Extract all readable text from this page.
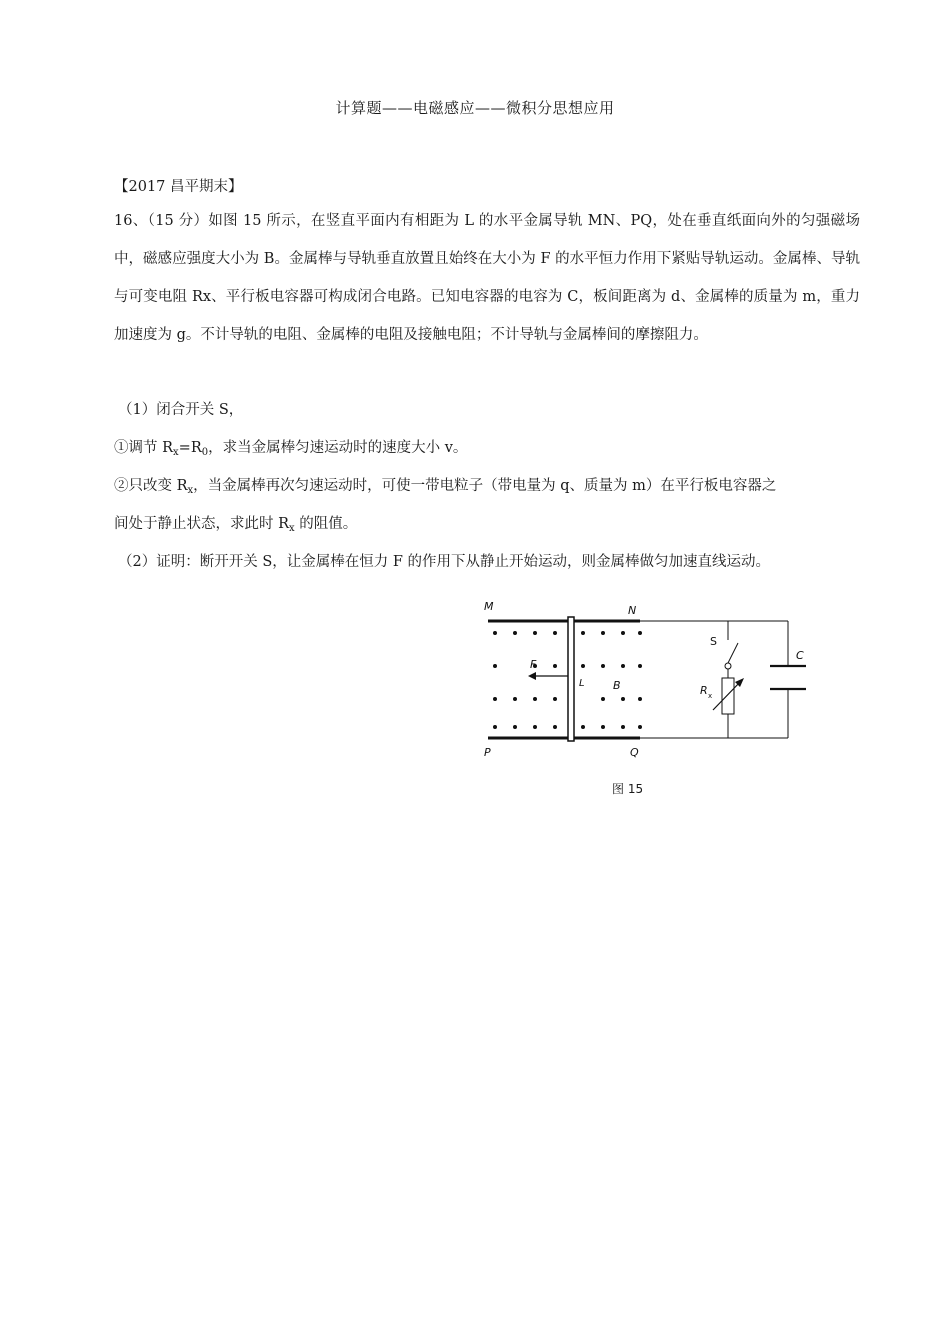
计算题——电磁感应——微积分思想应用
【2017 昌平期末】
16、（15 分）如图 15 所示，在竖直平面内有相距为 L 的水平金属导轨 MN、PQ，处在垂直纸面向外的匀强磁场中，磁感应强度大小为 B。金属棒与导轨垂直放置且始终在大小为 F 的水平恒力作用下紧贴导轨运动。金属棒、导轨与可变电阻 Rx、平行板电容器可构成闭合电路。已知电容器的电容为 C，板间距离为 d、金属棒的质量为 m，重力加速度为 g。不计导轨的电阻、金属棒的电阻及接触电阻；不计导轨与金属棒间的摩擦阻力。
（1）闭合开关 S，
①调节 $R_x=R_0$，求当金属棒匀速运动时的速度大小 v。
②只改变 $R_x$，当金属棒再次匀速运动时，可使一带电粒子（带电量为 q、质量为 m）在平行板电容器之
间处于静止状态，求此时 $R_x$ 的阻值。
（2）证明：断开开关 S，让金属棒在恒力 F 的作用下从静止开始运动，则金属棒做匀加速直线运动。
M	N
P	Q
F
L	B
S
C
R x
图 15
